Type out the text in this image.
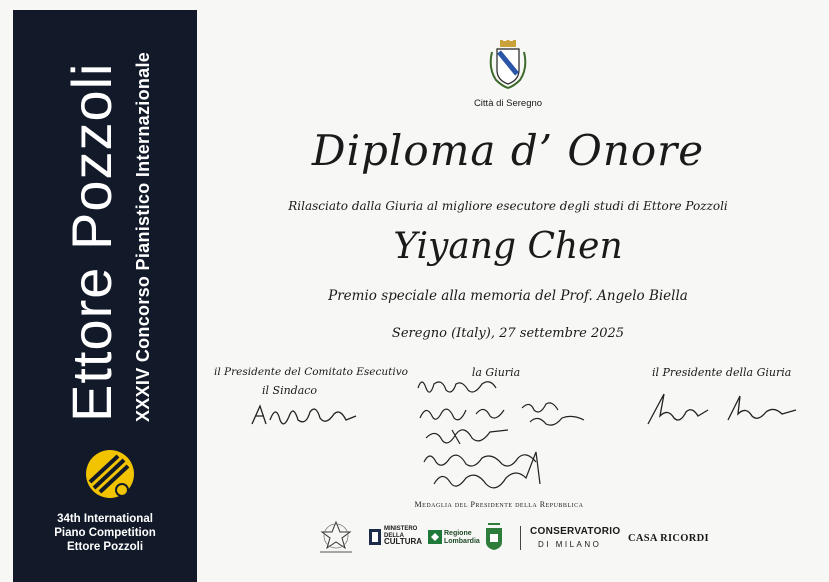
Ettore Pozzoli XXXIV Concorso Pianistico Internazionale
34th International
Piano Competition
Ettore Pozzoli
Città di Seregno
Diploma d’ Onore
Rilasciato dalla Giuria al migliore esecutore degli studi di Ettore Pozzoli
Yiyang Chen
Premio speciale alla memoria del Prof. Angelo Biella
Seregno (Italy), 27 settembre 2025
il Presidente del Comitato Esecutivo
il Sindaco
la Giuria	il Presidente della Giuria
Medaglia del Presidente della Repubblica
MINISTERO
DELLA
CULTURA
Regione
Lombardia
CONSERVATORIO
DI MILANO
CASA RICORDI
